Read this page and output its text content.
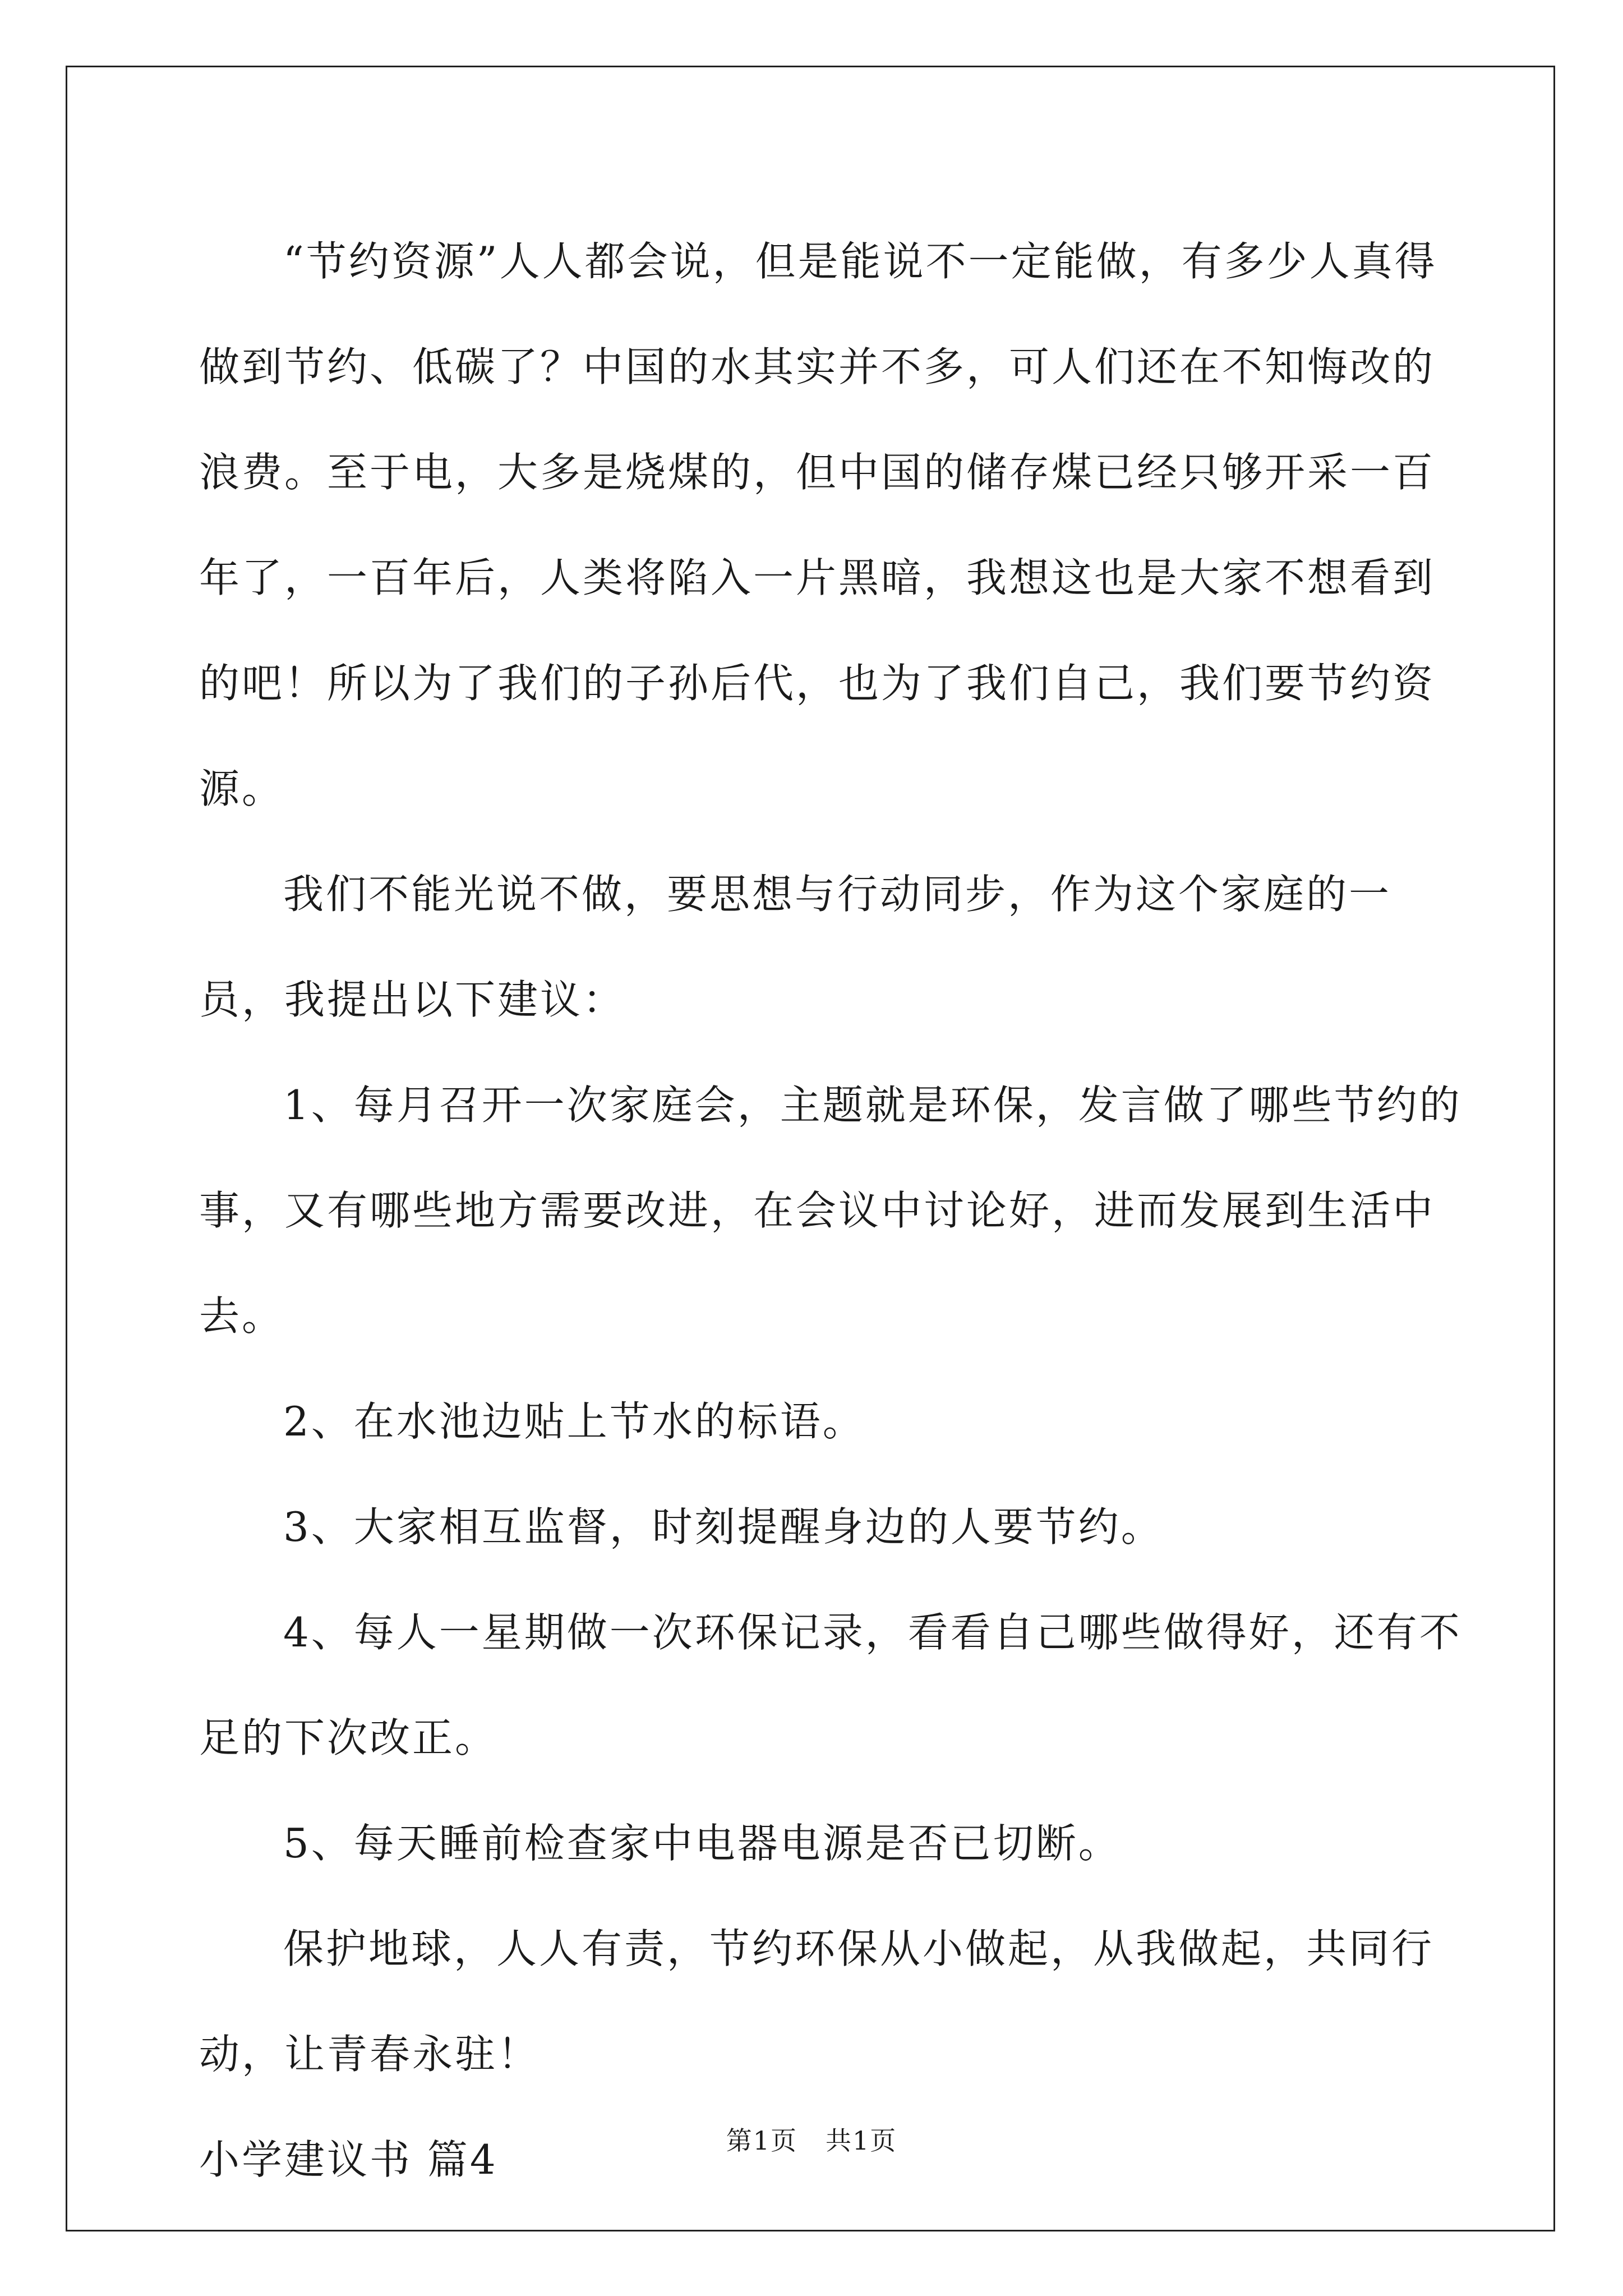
“节约资源”人人都会说，但是能说不一定能做，有多少人真得做到节约、低碳了？中国的水其实并不多，可人们还在不知悔改的浪费。至于电，大多是烧煤的，但中国的储存煤已经只够开采一百年了，一百年后，人类将陷入一片黑暗，我想这也是大家不想看到的吧！所以为了我们的子孙后代，也为了我们自己，我们要节约资源。

我们不能光说不做，要思想与行动同步，作为这个家庭的一员，我提出以下建议：

1、每月召开一次家庭会，主题就是环保，发言做了哪些节约的事，又有哪些地方需要改进，在会议中讨论好，进而发展到生活中去。

2、在水池边贴上节水的标语。

3、大家相互监督，时刻提醒身边的人要节约。

4、每人一星期做一次环保记录，看看自己哪些做得好，还有不足的下次改正。

5、每天睡前检查家中电器电源是否已切断。

保护地球，人人有责，节约环保从小做起，从我做起，共同行动，让青春永驻！

小学建议书 篇4	第1页 共1页
